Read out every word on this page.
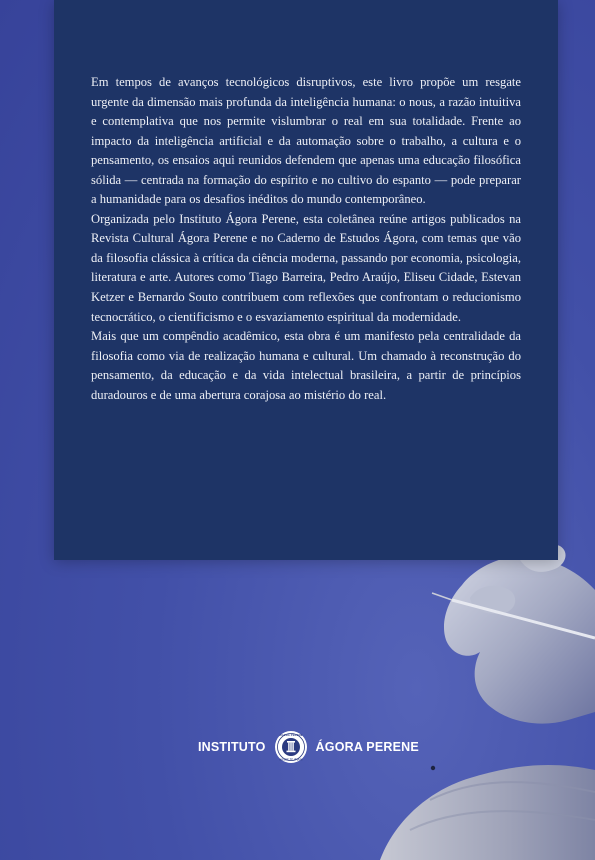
Em tempos de avanços tecnológicos disruptivos, este livro propõe um resgate urgente da dimensão mais profunda da inteligência humana: o nous, a razão intuitiva e contemplativa que nos permite vislumbrar o real em sua totalidade. Frente ao impacto da inteligência artificial e da automação sobre o trabalho, a cultura e o pensamento, os ensaios aqui reunidos defendem que apenas uma educação filosófica sólida — centrada na formação do espírito e no cultivo do espanto — pode preparar a humanidade para os desafios inéditos do mundo contemporâneo.

Organizada pelo Instituto Ágora Perene, esta coletânea reúne artigos publicados na Revista Cultural Ágora Perene e no Caderno de Estudos Ágora, com temas que vão da filosofia clássica à crítica da ciência moderna, passando por economia, psicologia, literatura e arte. Autores como Tiago Barreira, Pedro Araújo, Eliseu Cidade, Estevan Ketzer e Bernardo Souto contribuem com reflexões que confrontam o reducionismo tecnocrático, o cientificismo e o esvaziamento espiritual da modernidade.

Mais que um compêndio acadêmico, esta obra é um manifesto pela centralidade da filosofia como via de realização humana e cultural. Um chamado à reconstrução do pensamento, da educação e da vida intelectual brasileira, a partir de princípios duradouros e de uma abertura corajosa ao mistério do real.

INSTITUTO
ÁGORA PERENE
NOSCE TE IPSUM
ÁGORA PERENE
